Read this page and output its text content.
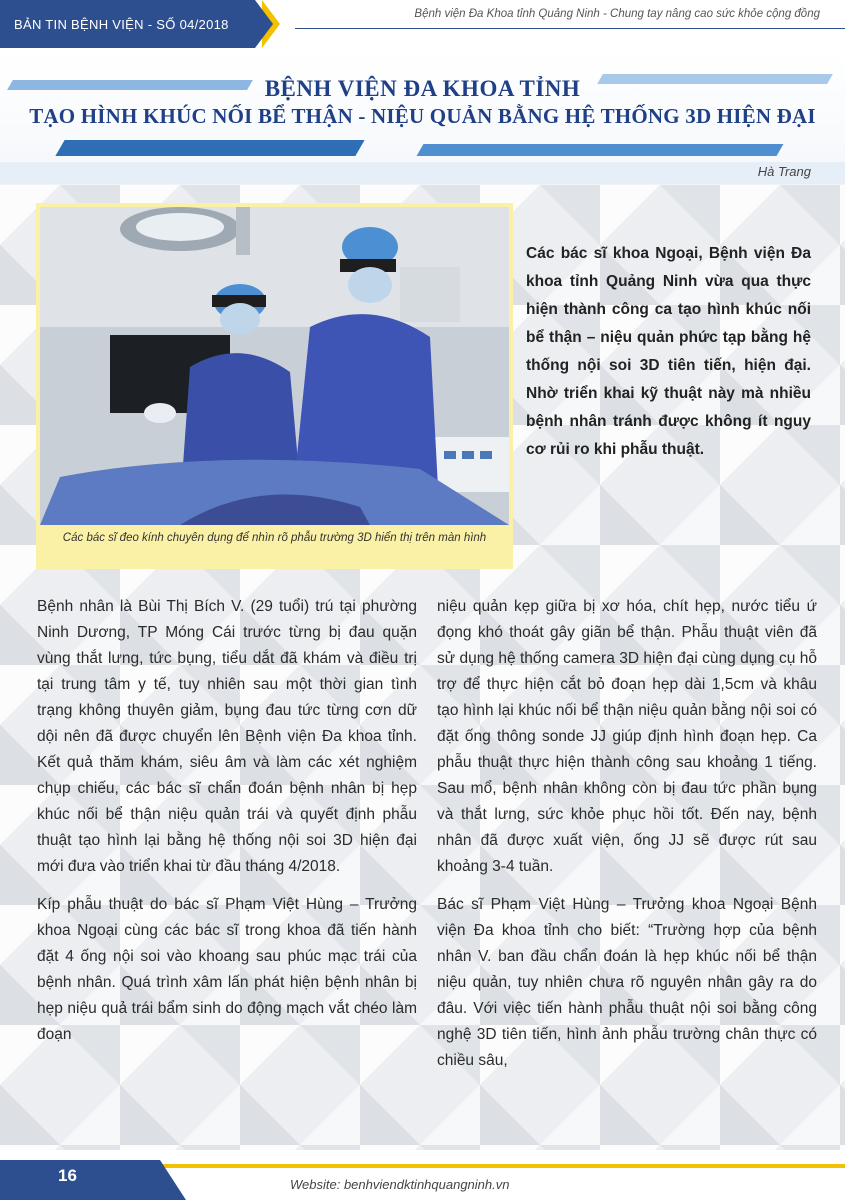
BẢN TIN BỆNH VIỆN - SỐ 04/2018
Bệnh viện Đa Khoa tỉnh Quảng Ninh - Chung tay nâng cao sức khỏe cộng đồng
BỆNH VIỆN ĐA KHOA TỈNH
TẠO HÌNH KHÚC NỐI BỂ THẬN - NIỆU QUẢN BẰNG HỆ THỐNG 3D HIỆN ĐẠI
Hà Trang
Các bác sĩ đeo kính chuyên dụng để nhìn rõ phẫu trường 3D hiển thị trên màn hình
Các bác sĩ khoa Ngoại, Bệnh viện Đa khoa tỉnh Quảng Ninh vừa qua thực hiện thành công ca tạo hình khúc nối bể thận – niệu quản phức tạp bằng hệ thống nội soi 3D tiên tiến, hiện đại. Nhờ triển khai kỹ thuật này mà nhiều bệnh nhân tránh được không ít nguy cơ rủi ro khi phẫu thuật.

Bệnh nhân là Bùi Thị Bích V. (29 tuổi) trú tại phường Ninh Dương, TP Móng Cái trước từng bị đau quặn vùng thắt lưng, tức bụng, tiểu dắt đã khám và điều trị tại trung tâm y tế, tuy nhiên sau một thời gian tình trạng không thuyên giảm, bụng đau tức từng cơn dữ dội nên đã được chuyển lên Bệnh viện Đa khoa tỉnh. Kết quả thăm khám, siêu âm và làm các xét nghiệm chụp chiếu, các bác sĩ chẩn đoán bệnh nhân bị hẹp khúc nối bể thận niệu quản trái và quyết định phẫu thuật tạo hình lại bằng hệ thống nội soi 3D hiện đại mới đưa vào triển khai từ đầu tháng 4/2018.

Kíp phẫu thuật do bác sĩ Phạm Việt Hùng – Trưởng khoa Ngoại cùng các bác sĩ trong khoa đã tiến hành đặt 4 ống nội soi vào khoang sau phúc mạc trái của bệnh nhân. Quá trình xâm lấn phát hiện bệnh nhân bị hẹp niệu quả trái bẩm sinh do động mạch vắt chéo làm đoạn

niệu quản kẹp giữa bị xơ hóa, chít hẹp, nước tiểu ứ đọng khó thoát gây giãn bể thận. Phẫu thuật viên đã sử dụng hệ thống camera 3D hiện đại cùng dụng cụ hỗ trợ để thực hiện cắt bỏ đoạn hẹp dài 1,5cm và khâu tạo hình lại khúc nối bể thận niệu quản bằng nội soi có đặt ống thông sonde JJ giúp định hình đoạn hẹp. Ca phẫu thuật thực hiện thành công sau khoảng 1 tiếng. Sau mổ, bệnh nhân không còn bị đau tức phần bụng và thắt lưng, sức khỏe phục hồi tốt. Đến nay, bệnh nhân đã được xuất viện, ống JJ sẽ được rút sau khoảng 3-4 tuần.

Bác sĩ Phạm Việt Hùng – Trưởng khoa Ngoại Bệnh viện Đa khoa tỉnh cho biết: “Trường hợp của bệnh nhân V. ban đầu chẩn đoán là hẹp khúc nối bể thận niệu quản, tuy nhiên chưa rõ nguyên nhân gây ra do đâu. Với việc tiến hành phẫu thuật nội soi bằng công nghệ 3D tiên tiến, hình ảnh phẫu trường chân thực có chiều sâu,

16	Website: benhviendktinhquangninh.vn
